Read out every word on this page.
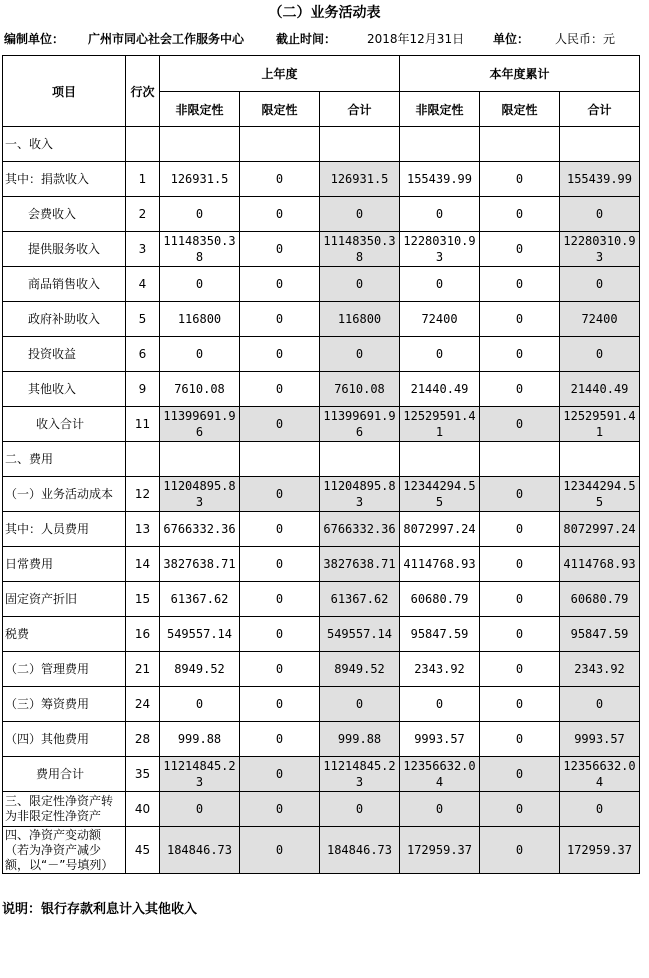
（二）业务活动表
编制单位： 广州市同心社会工作服务中心	截止时间：	2018年12月31日 单位： 人民币：元
项目	行次	上年度			本年度累计		
		非限定性	限定性	合计	非限定性	限定性	合计
一、收入							
其中：捐款收入	1	126931.5	0	126931.5	155439.99	0	155439.99
会费收入	2	0	0	0	0	0	0
提供服务收入	3	11148350.38	0	11148350.38	12280310.93	0	12280310.93
商品销售收入	4	0	0	0	0	0	0
政府补助收入	5	116800	0	116800	72400	0	72400
投资收益	6	0	0	0	0	0	0
其他收入	9	7610.08	0	7610.08	21440.49	0	21440.49
收入合计	11	11399691.96	0	11399691.96	12529591.41	0	12529591.41
二、费用							
（一）业务活动成本	12	11204895.83	0	11204895.83	12344294.55	0	12344294.55
其中：人员费用	13	6766332.36	0	6766332.36	8072997.24	0	8072997.24
日常费用	14	3827638.71	0	3827638.71	4114768.93	0	4114768.93
固定资产折旧	15	61367.62	0	61367.62	60680.79	0	60680.79
税费	16	549557.14	0	549557.14	95847.59	0	95847.59
（二）管理费用	21	8949.52	0	8949.52	2343.92	0	2343.92
（三）筹资费用	24	0	0	0	0	0	0
（四）其他费用	28	999.88	0	999.88	9993.57	0	9993.57
费用合计	35	11214845.23	0	11214845.23	12356632.04	0	12356632.04
三、限定性净资产转为非限定性净资产	40	0	0	0	0	0	0
四、净资产变动额（若为净资产减少额，以“－”号填列）	45	184846.73	0	184846.73	172959.37	0	172959.37
说明：银行存款利息计入其他收入
